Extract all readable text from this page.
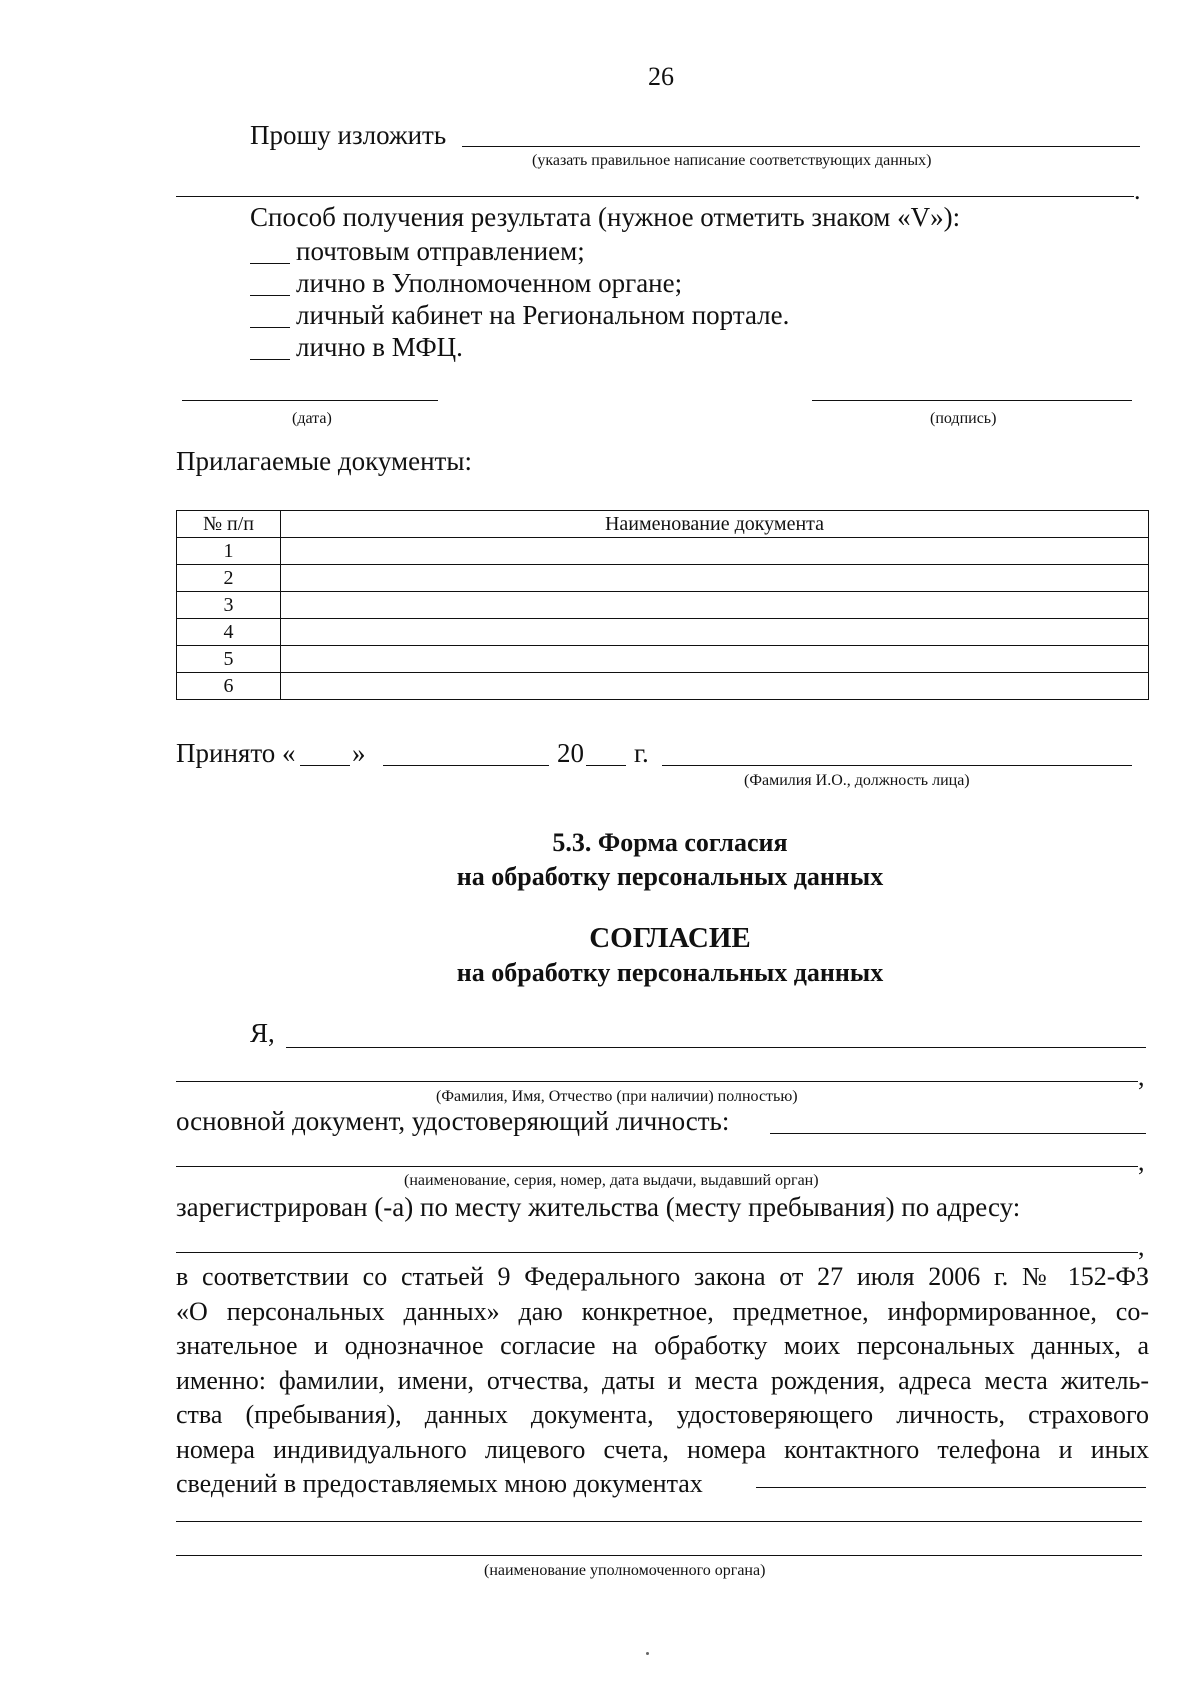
26
Прошу изложить
(указать правильное написание соответствующих данных)
.
Способ получения результата (нужное отметить знаком «V»):
почтовым отправлением;
лично в Уполномоченном органе;
личный кабинет на Региональном портале.
лично в МФЦ.
(дата)	(подпись)
Прилагаемые документы:
№ п/п	Наименование документа
1	
2	
3	
4	
5	
6	
Принято « »	20 г.
(Фамилия И.О., должность лица)
5.3. Форма согласия
на обработку персональных данных
СОГЛАСИЕ
на обработку персональных данных
Я,
,
(Фамилия, Имя, Отчество (при наличии) полностью)
основной документ, удостоверяющий личность:
,
(наименование, серия, номер, дата выдачи, выдавший орган)
зарегистрирован (-а) по месту жительства (месту пребывания) по адресу:
,
в соответствии со статьей 9 Федерального закона от 27 июля 2006 г. № 152-ФЗ
«О персональных данных» даю конкретное, предметное, информированное, со-
знательное и однозначное согласие на обработку моих персональных данных, а
именно: фамилии, имени, отчества, даты и места рождения, адреса места житель-
ства (пребывания), данных документа, удостоверяющего личность, страхового
номера индивидуального лицевого счета, номера контактного телефона и иных
сведений в предоставляемых мною документах
(наименование уполномоченного органа)
